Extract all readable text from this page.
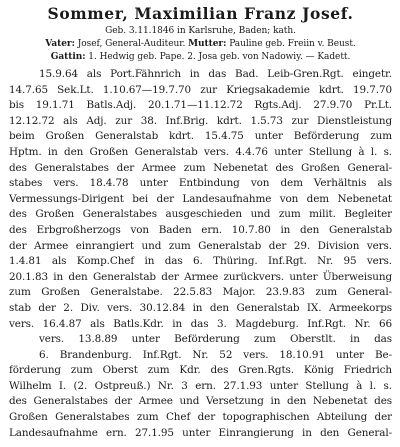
Sommer, Maximilian Franz Josef.
Geb. 3.11.1846 in Karlsruhe, Baden; kath.
Vater: Josef, General-Auditeur. Mutter: Pauline geb. Freiin v. Beust.
Gattin: 1. Hedwig geb. Pape. 2. Josa geb. von Nadowiy. — Kadett.
15.9.64 als Port.Fähnrich in das Bad. Leib-Gren.Rgt. eingetr.
14.7.65 Sek.Lt. 1.10.67—19.7.70 zur Kriegsakademie kdrt. 19.7.70
bis 19.1.71 Batls.Adj. 20.1.71—11.12.72 Rgts.Adj. 27.9.70 Pr.Lt.
12.12.72 als Adj. zur 38. Inf.Brig. kdrt. 1.5.73 zur Dienstleistung
beim Großen Generalstab kdrt. 15.4.75 unter Beförderung zum
Hptm. in den Großen Generalstab vers. 4.4.76 unter Stellung à l. s.
des Generalstabes der Armee zum Nebenetat des Großen General-
stabes vers. 18.4.78 unter Entbindung von dem Verhältnis als
Vermessungs-Dirigent bei der Landesaufnahme von dem Nebenetat
des Großen Generalstabes ausgeschieden und zum milit. Begleiter
des Erbgroßherzogs von Baden ern. 10.7.80 in den Generalstab
der Armee einrangiert und zum Generalstab der 29. Division vers.
1.4.81 als Komp.Chef in das 6. Thüring. Inf.Rgt. Nr. 95 vers.
20.1.83 in den Generalstab der Armee zurückvers. unter Überweisung
zum Großen Generalstabe. 22.5.83 Major. 23.9.83 zum General-
stab der 2. Div. vers. 30.12.84 in den Generalstab IX. Armeekorps
vers. 16.4.87 als Batls.Kdr. in das 3. Magdeburg. Inf.Rgt. Nr. 66
vers. 13.8.89 unter Beförderung zum Oberstlt. in das
6. Brandenburg. Inf.Rgt. Nr. 52 vers. 18.10.91 unter Be-
förderung zum Oberst zum Kdr. des Gren.Rgts. König Friedrich
Wilhelm I. (2. Ostpreuß.) Nr. 3 ern. 27.1.93 unter Stellung à l. s.
des Generalstabes der Armee und Versetzung in den Nebenetat des
Großen Generalstabes zum Chef der topographischen Abteilung der
Landesaufnahme ern. 27.1.95 unter Einrangierung in den General-
